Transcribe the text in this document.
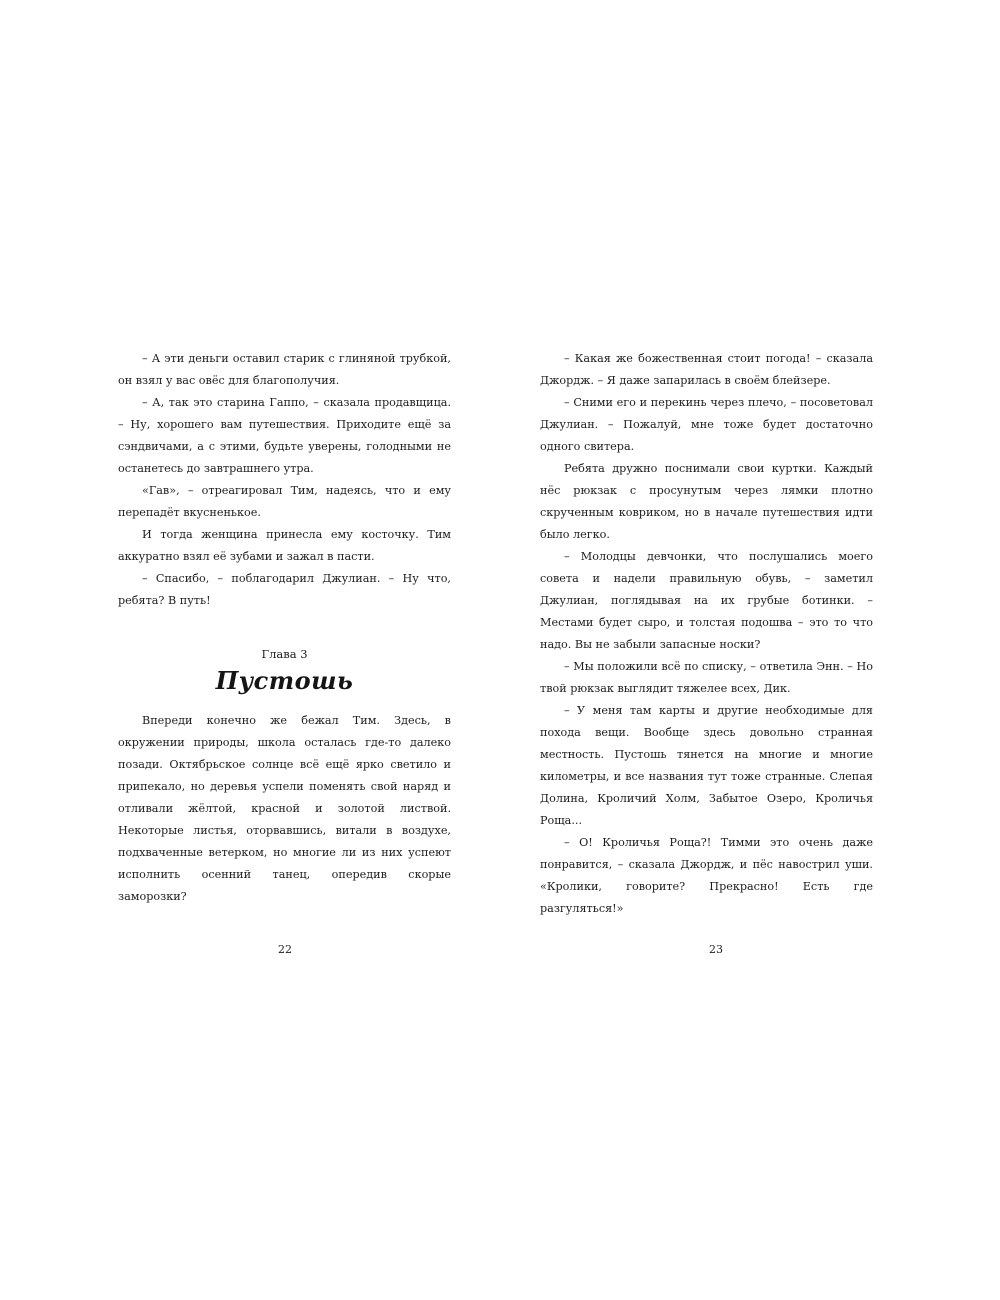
– А эти деньги оставил старик с глиняной трубкой, он взял у вас овёс для благополучия.

– А, так это старина Гаппо, – сказала продавщица. – Ну, хорошего вам путешествия. Приходите ещё за сэндвичами, а с этими, будьте уверены, голодными не останетесь до завтрашнего утра.

«Гав», – отреагировал Тим, надеясь, что и ему перепадёт вкусненькое.

И тогда женщина принесла ему косточку. Тим аккуратно взял её зубами и зажал в пасти.

– Спасибо, – поблагодарил Джулиан. – Ну что, ребята? В путь!

Глава 3
Пустошь

Впереди конечно же бежал Тим. Здесь, в окружении природы, школа осталась где-то далеко позади. Октябрьское солнце всё ещё ярко светило и припекало, но деревья успели поменять свой наряд и отливали жёлтой, красной и золотой листвой. Некоторые листья, оторвавшись, витали в воздухе, подхваченные ветерком, но многие ли из них успеют исполнить осенний танец, опередив скорые заморозки?

– Какая же божественная стоит погода! – сказала Джордж. – Я даже запарилась в своём блейзере.

– Сними его и перекинь через плечо, – посоветовал Джулиан. – Пожалуй, мне тоже будет достаточно одного свитера.

Ребята дружно поснимали свои куртки. Каждый нёс рюкзак с просунутым через лямки плотно скрученным ковриком, но в начале путешествия идти было легко.

– Молодцы девчонки, что послушались моего совета и надели правильную обувь, – заметил Джулиан, поглядывая на их грубые ботинки. – Местами будет сыро, и толстая подошва – это то что надо. Вы не забыли запасные носки?

– Мы положили всё по списку, – ответила Энн. – Но твой рюкзак выглядит тяжелее всех, Дик.

– У меня там карты и другие необходимые для похода вещи. Вообще здесь довольно странная местность. Пустошь тянется на многие и многие километры, и все названия тут тоже странные. Слепая Долина, Кроличий Холм, Забытое Озеро, Кроличья Роща...

– О! Кроличья Роща?! Тимми это очень даже понравится, – сказала Джордж, и пёс навострил уши. «Кролики, говорите? Прекрасно! Есть где разгуляться!»

22	23
